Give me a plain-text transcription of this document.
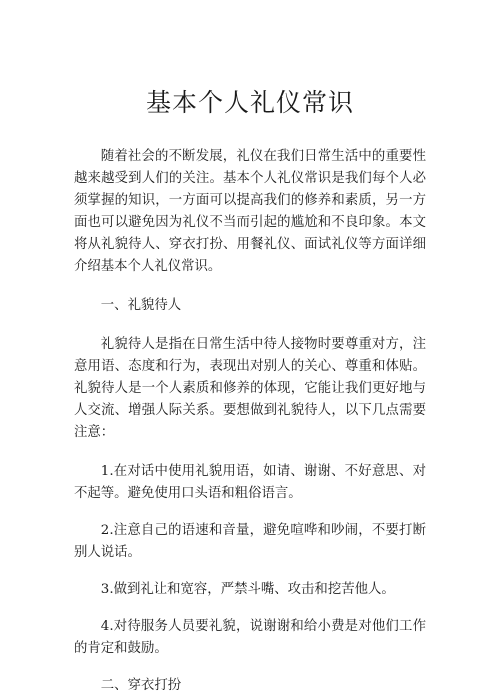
基本个人礼仪常识

随着社会的不断发展，礼仪在我们日常生活中的重要性越来越受到人们的关注。基本个人礼仪常识是我们每个人必须掌握的知识，一方面可以提高我们的修养和素质，另一方面也可以避免因为礼仪不当而引起的尴尬和不良印象。本文将从礼貌待人、穿衣打扮、用餐礼仪、面试礼仪等方面详细介绍基本个人礼仪常识。

一、礼貌待人

礼貌待人是指在日常生活中待人接物时要尊重对方，注意用语、态度和行为，表现出对别人的关心、尊重和体贴。礼貌待人是一个人素质和修养的体现，它能让我们更好地与人交流、增强人际关系。要想做到礼貌待人，以下几点需要注意：

1.在对话中使用礼貌用语，如请、谢谢、不好意思、对不起等。避免使用口头语和粗俗语言。

2.注意自己的语速和音量，避免喧哗和吵闹，不要打断别人说话。

3.做到礼让和宽容，严禁斗嘴、攻击和挖苦他人。

4.对待服务人员要礼貌，说谢谢和给小费是对他们工作的肯定和鼓励。

二、穿衣打扮
